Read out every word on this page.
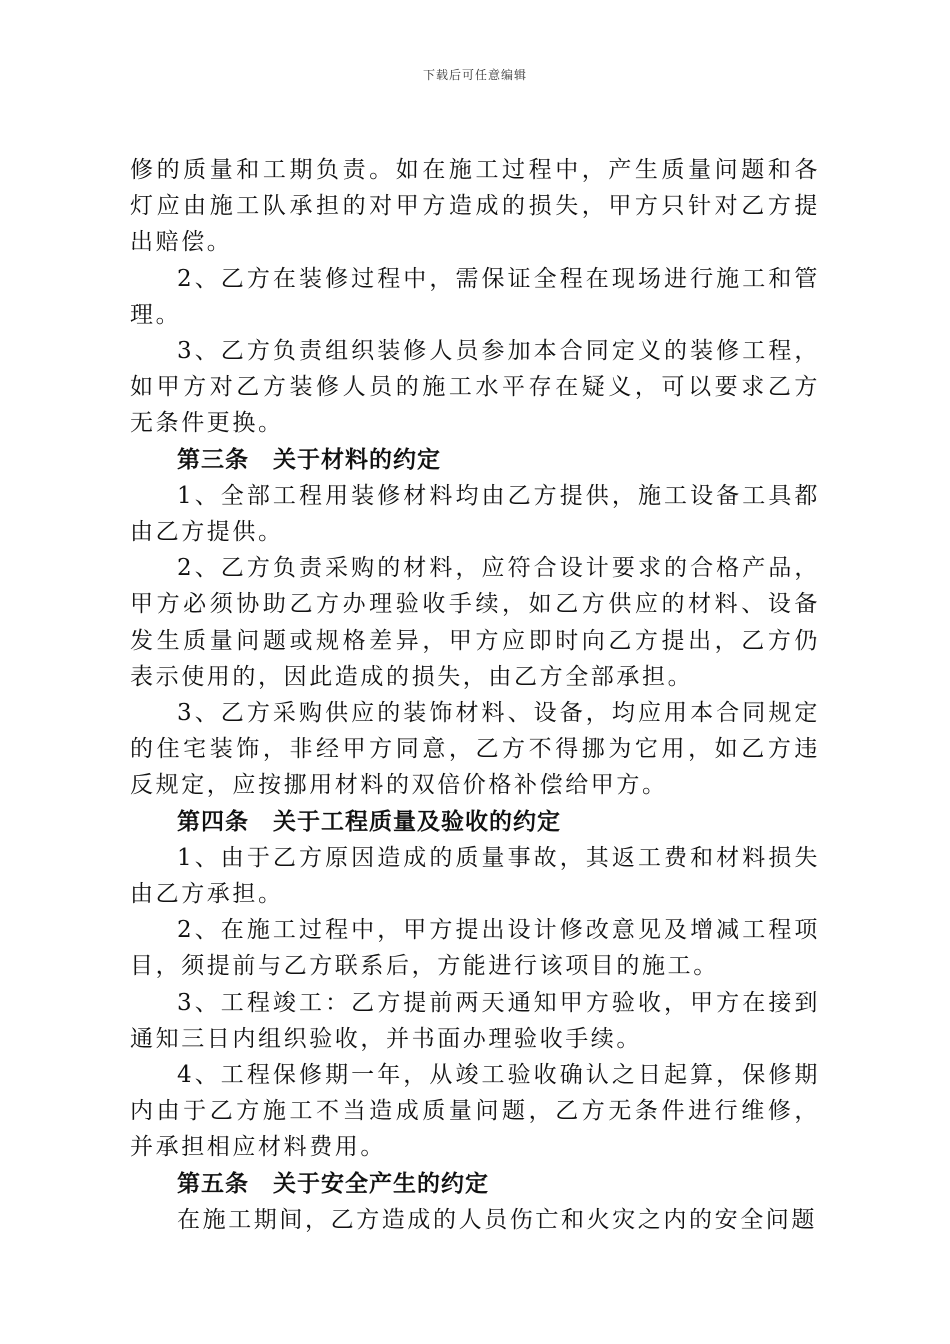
下载后可任意编辑

修的质量和工期负责。如在施工过程中，产生质量问题和各灯应由施工队承担的对甲方造成的损失，甲方只针对乙方提出赔偿。

2、乙方在装修过程中，需保证全程在现场进行施工和管理。

3、乙方负责组织装修人员参加本合同定义的装修工程，如甲方对乙方装修人员的施工水平存在疑义，可以要求乙方无条件更换。

第三条　关于材料的约定

1、全部工程用装修材料均由乙方提供，施工设备工具都由乙方提供。

2、乙方负责采购的材料，应符合设计要求的合格产品，甲方必须协助乙方办理验收手续，如乙方供应的材料、设备发生质量问题或规格差异，甲方应即时向乙方提出，乙方仍表示使用的，因此造成的损失，由乙方全部承担。

3、乙方采购供应的装饰材料、设备，均应用本合同规定的住宅装饰，非经甲方同意，乙方不得挪为它用，如乙方违反规定，应按挪用材料的双倍价格补偿给甲方。

第四条　关于工程质量及验收的约定

1、由于乙方原因造成的质量事故，其返工费和材料损失由乙方承担。

2、在施工过程中，甲方提出设计修改意见及增减工程项目，须提前与乙方联系后，方能进行该项目的施工。

3、工程竣工：乙方提前两天通知甲方验收，甲方在接到通知三日内组织验收，并书面办理验收手续。

4、工程保修期一年，从竣工验收确认之日起算，保修期内由于乙方施工不当造成质量问题，乙方无条件进行维修，并承担相应材料费用。

第五条　关于安全产生的约定

在施工期间，乙方造成的人员伤亡和火灾之内的安全问题
